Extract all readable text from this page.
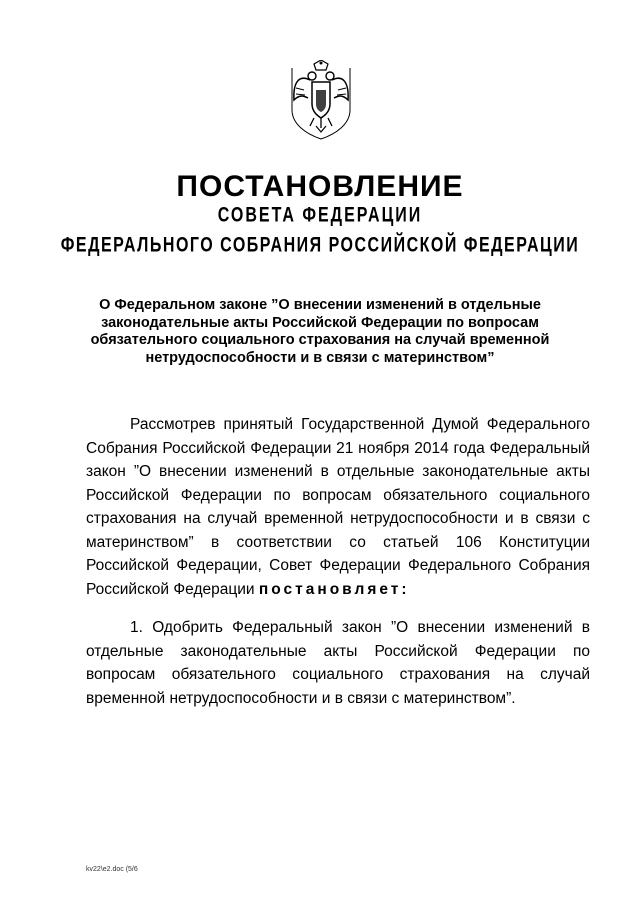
ПОСТАНОВЛЕНИЕ
СОВЕТА ФЕДЕРАЦИИ
ФЕДЕРАЛЬНОГО СОБРАНИЯ РОССИЙСКОЙ ФЕДЕРАЦИИ
О Федеральном законе ”О внесении изменений в отдельные законодательные акты Российской Федерации по вопросам обязательного социального страхования на случай временной нетрудоспособности и в связи с материнством”
Рассмотрев принятый Государственной Думой Федерального Собрания Российской Федерации 21 ноября 2014 года Федеральный закон ”О внесении изменений в отдельные законодательные акты Российской Федерации по вопросам обязательного социального страхования на случай временной нетрудоспособности и в связи с материнством” в соответствии со статьей 106 Конституции Российской Федерации, Совет Федерации Федерального Собрания Российской Федерации постановляет:
1. Одобрить Федеральный закон ”О внесении изменений в отдельные законодательные акты Российской Федерации по вопросам обязательного социального страхования на случай временной нетрудоспособности и в связи с материнством”.
kv22\e2.doc (5/6
